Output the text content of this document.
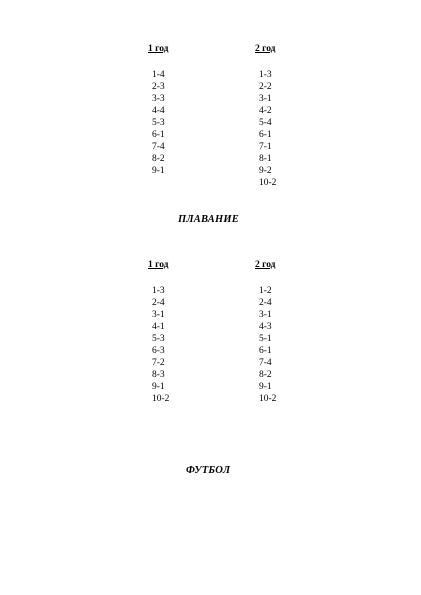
1 год

1-4
2-3
3-3
4-4
5-3
6-1
7-4
8-2
9-1

2 год

1-3
2-2
3-1
4-2
5-4
6-1
7-1
8-1
9-2
10-2
ПЛАВАНИЕ

1 год

1-3
2-4
3-1
4-1
5-3
6-3
7-2
8-3
9-1
10-2

2 год

1-2
2-4
3-1
4-3
5-1
6-1
7-4
8-2
9-1
10-2
ФУТБОЛ
